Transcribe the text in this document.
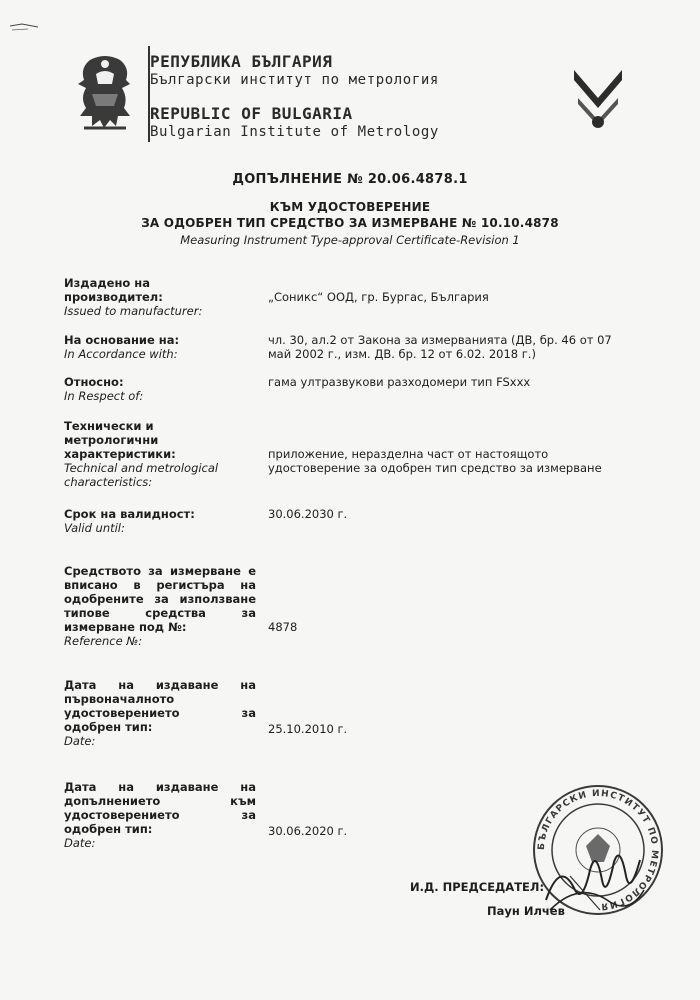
РЕПУБЛИКА БЪЛГАРИЯ
Български институт по метрология
REPUBLIC OF BULGARIA
Bulgarian Institute of Metrology
ДОПЪЛНЕНИЕ № 20.06.4878.1
КЪМ УДОСТОВЕРЕНИЕ
ЗА ОДОБРЕН ТИП СРЕДСТВО ЗА ИЗМЕРВАНЕ № 10.10.4878
Measuring Instrument Type-approval Certificate-Revision 1
Издадено на
производител:
Issued to manufacturer:
„Соникс“ ООД, гр. Бургас, България
На основание на:
In Accordance with:
чл. 30, ал.2 от Закона за измерванията (ДВ, бр. 46 от 07
май 2002 г., изм. ДВ. бр. 12 от 6.02. 2018 г.)
Относно:
In Respect of:
гама ултразвукови разходомери тип FSxxx
Технически и
метрологични
характеристики:
Technical and metrological
characteristics:
приложение, неразделна част от настоящото
удостоверение за одобрен тип средство за измерване
Срок на валидност:
Valid until:
30.06.2030 г.
Средството за измерване е
вписано в регистъра на
одобрените за използване
типове средства за
измерване под №:
Reference №:
4878
Дата на издаване на
първоначалното
удостоверението за
одобрен тип:
Date:
25.10.2010 г.
Дата на издаване на
допълнението към
удостоверението за
одобрен тип:
Date:
30.06.2020 г.
БЪЛГАРСКИ ИНСТИТУТ ПО МЕТРОЛОГИЯ
И.Д. ПРЕДСЕДАТЕЛ:
Паун Илчев
